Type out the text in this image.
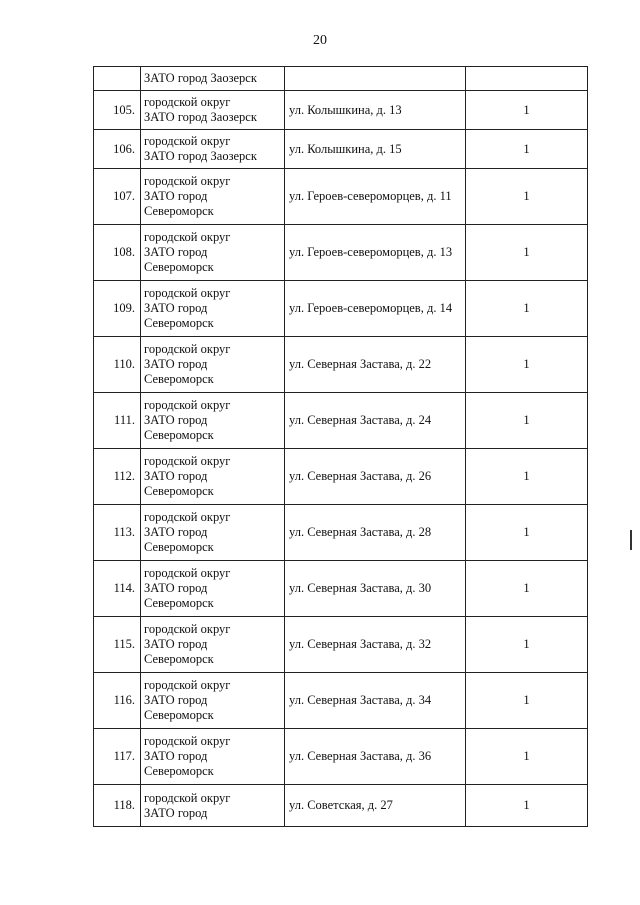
20
	ЗАТО город Заозерск		
105.	городской округ
ЗАТО город Заозерск	ул. Колышкина, д. 13	1
106.	городской округ
ЗАТО город Заозерск	ул. Колышкина, д. 15	1
107.	городской округ
ЗАТО город
Североморск	ул. Героев-североморцев, д. 11	1
108.	городской округ
ЗАТО город
Североморск	ул. Героев-североморцев, д. 13	1
109.	городской округ
ЗАТО город
Североморск	ул. Героев-североморцев, д. 14	1
110.	городской округ
ЗАТО город
Североморск	ул. Северная Застава, д. 22	1
111.	городской округ
ЗАТО город
Североморск	ул. Северная Застава, д. 24	1
112.	городской округ
ЗАТО город
Североморск	ул. Северная Застава, д. 26	1
113.	городской округ
ЗАТО город
Североморск	ул. Северная Застава, д. 28	1
114.	городской округ
ЗАТО город
Североморск	ул. Северная Застава, д. 30	1
115.	городской округ
ЗАТО город
Североморск	ул. Северная Застава, д. 32	1
116.	городской округ
ЗАТО город
Североморск	ул. Северная Застава, д. 34	1
117.	городской округ
ЗАТО город
Североморск	ул. Северная Застава, д. 36	1
118.	городской округ
ЗАТО город	ул. Советская, д. 27	1
